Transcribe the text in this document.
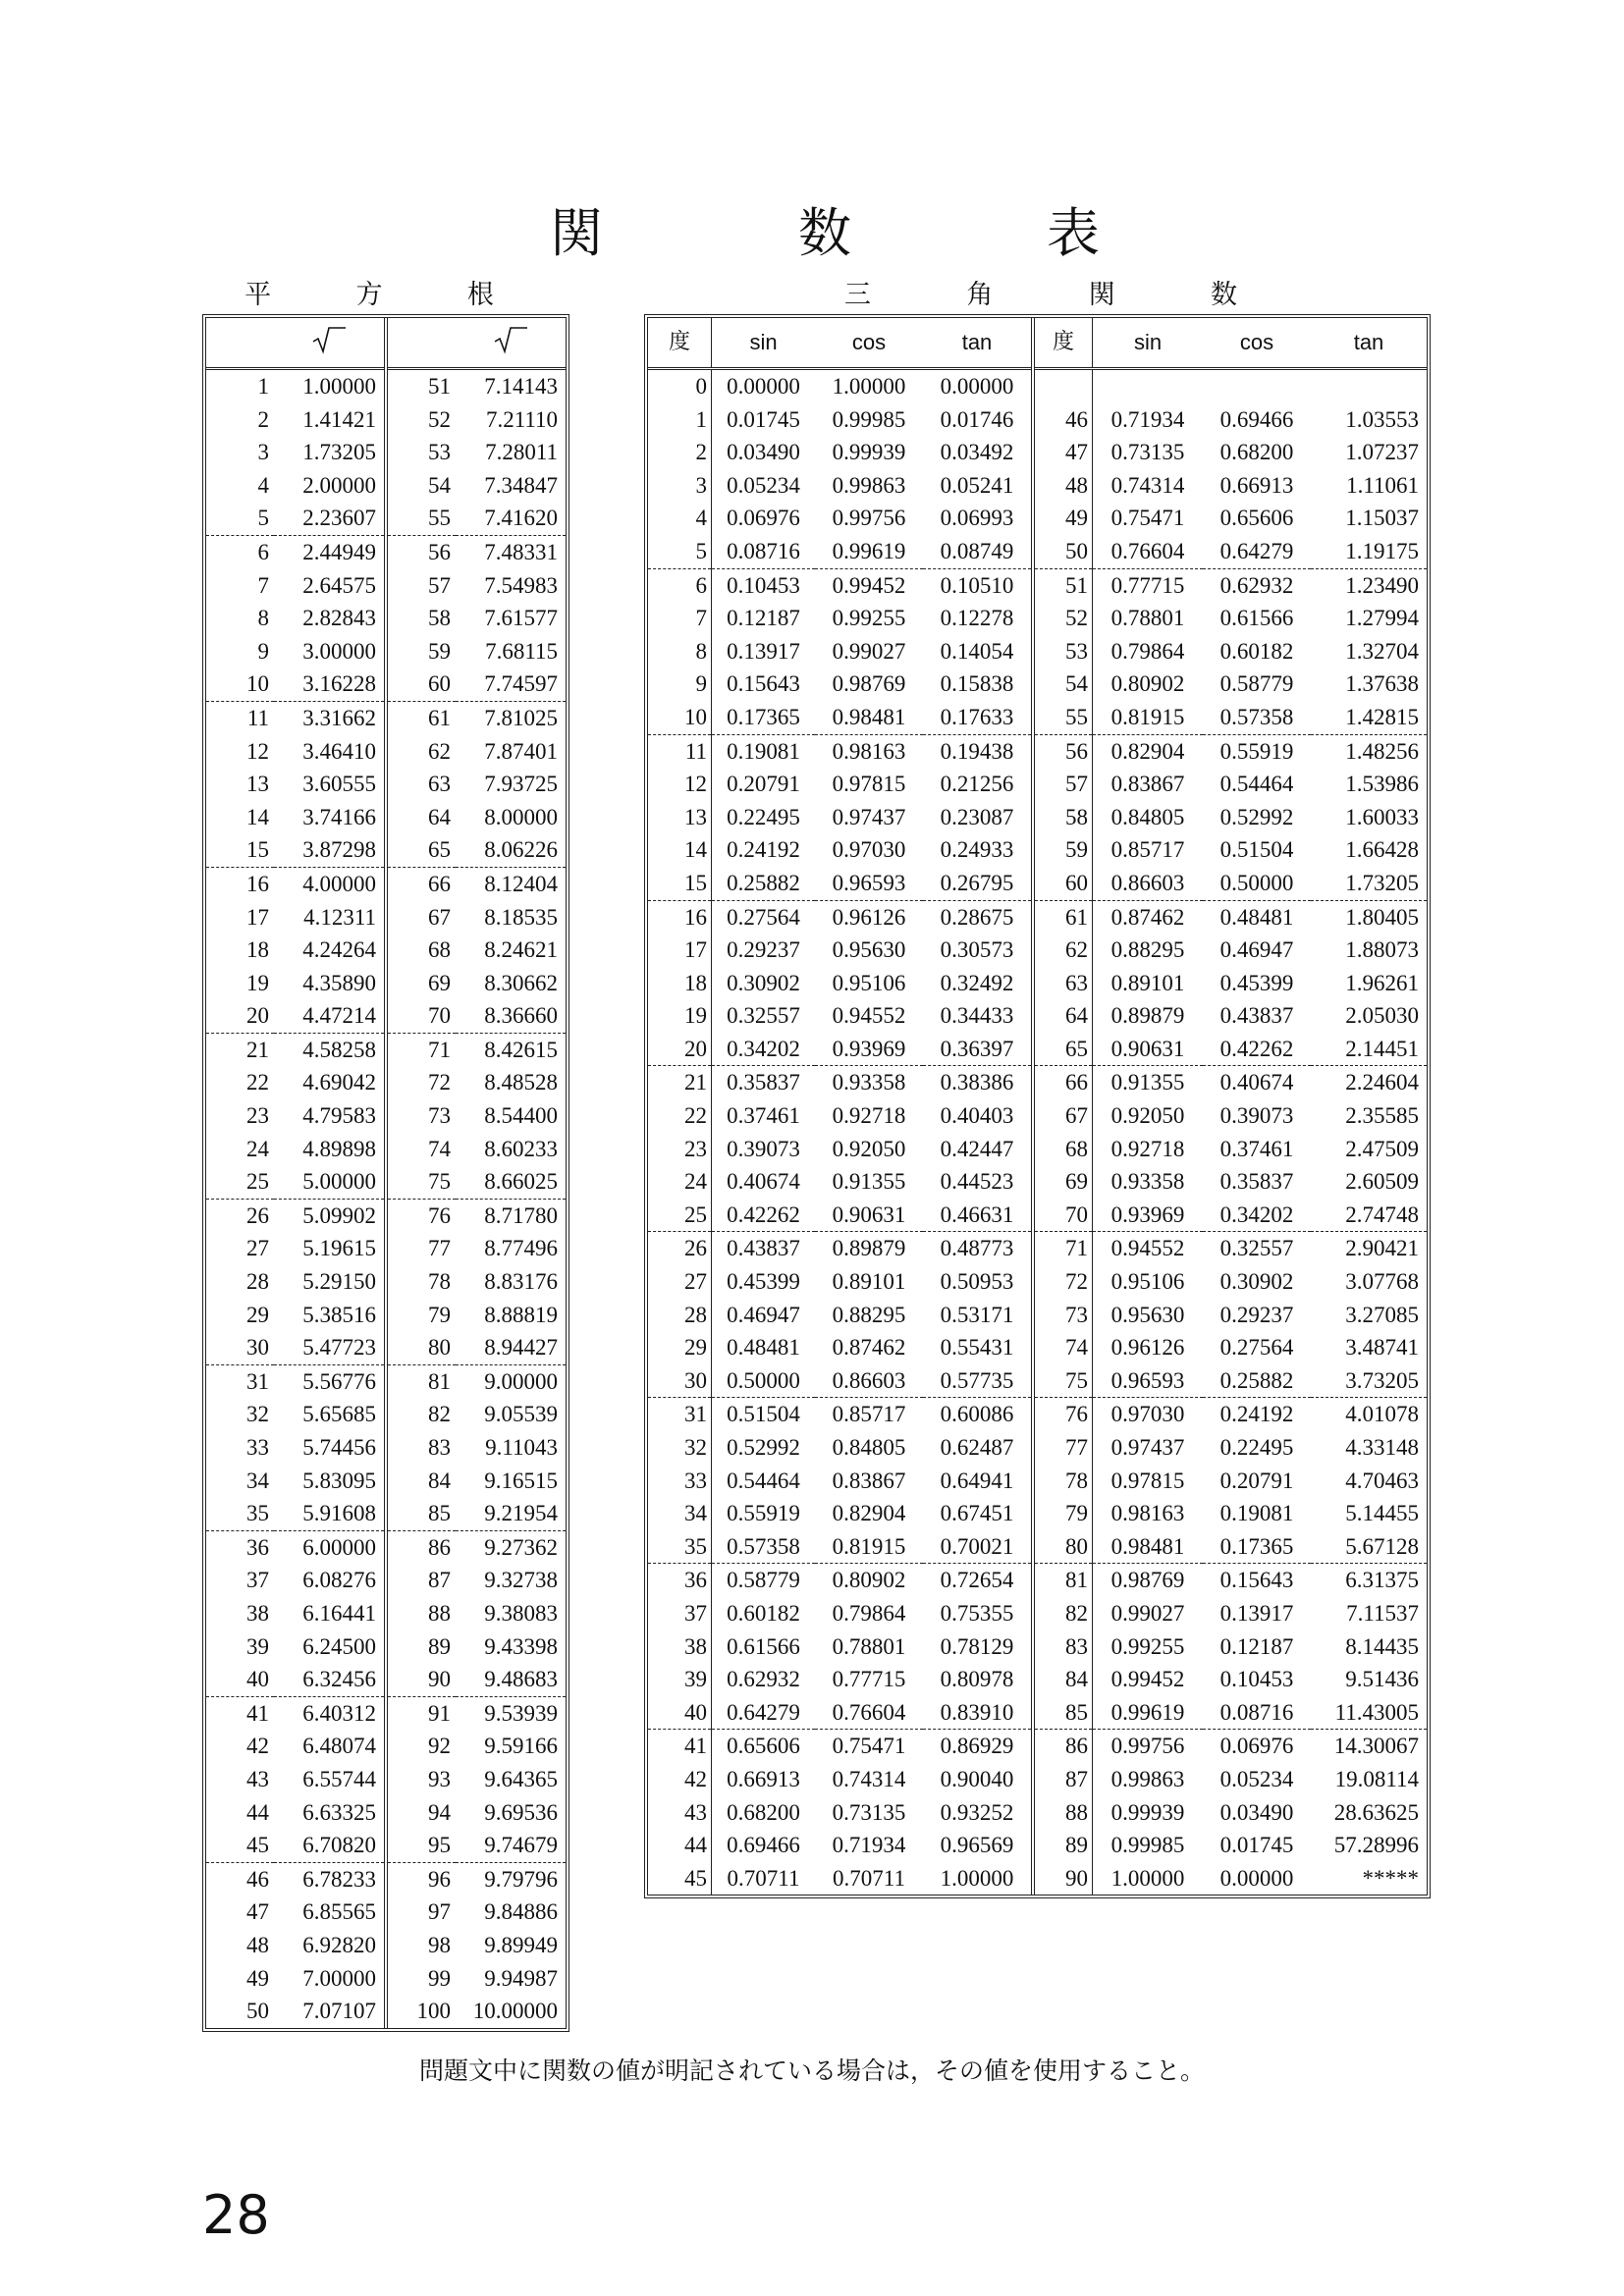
関	数	表
平	方	根	三	角	関	数

1	1.00000	51	7.14143
2	1.41421	52	7.21110
3	1.73205	53	7.28011
4	2.00000	54	7.34847
5	2.23607	55	7.41620
6	2.44949	56	7.48331
7	2.64575	57	7.54983
8	2.82843	58	7.61577
9	3.00000	59	7.68115
10	3.16228	60	7.74597
11	3.31662	61	7.81025
12	3.46410	62	7.87401
13	3.60555	63	7.93725
14	3.74166	64	8.00000
15	3.87298	65	8.06226
16	4.00000	66	8.12404
17	4.12311	67	8.18535
18	4.24264	68	8.24621
19	4.35890	69	8.30662
20	4.47214	70	8.36660
21	4.58258	71	8.42615
22	4.69042	72	8.48528
23	4.79583	73	8.54400
24	4.89898	74	8.60233
25	5.00000	75	8.66025
26	5.09902	76	8.71780
27	5.19615	77	8.77496
28	5.29150	78	8.83176
29	5.38516	79	8.88819
30	5.47723	80	8.94427
31	5.56776	81	9.00000
32	5.65685	82	9.05539
33	5.74456	83	9.11043
34	5.83095	84	9.16515
35	5.91608	85	9.21954
36	6.00000	86	9.27362
37	6.08276	87	9.32738
38	6.16441	88	9.38083
39	6.24500	89	9.43398
40	6.32456	90	9.48683
41	6.40312	91	9.53939
42	6.48074	92	9.59166
43	6.55744	93	9.64365
44	6.63325	94	9.69536
45	6.70820	95	9.74679
46	6.78233	96	9.79796
47	6.85565	97	9.84886
48	6.92820	98	9.89949
49	7.00000	99	9.94987
50	7.07107	100	10.00000
度	sin	cos	tan	度	sin	cos	tan
0	0.00000	1.00000	0.00000				
1	0.01745	0.99985	0.01746	46	0.71934	0.69466	1.03553
2	0.03490	0.99939	0.03492	47	0.73135	0.68200	1.07237
3	0.05234	0.99863	0.05241	48	0.74314	0.66913	1.11061
4	0.06976	0.99756	0.06993	49	0.75471	0.65606	1.15037
5	0.08716	0.99619	0.08749	50	0.76604	0.64279	1.19175
6	0.10453	0.99452	0.10510	51	0.77715	0.62932	1.23490
7	0.12187	0.99255	0.12278	52	0.78801	0.61566	1.27994
8	0.13917	0.99027	0.14054	53	0.79864	0.60182	1.32704
9	0.15643	0.98769	0.15838	54	0.80902	0.58779	1.37638
10	0.17365	0.98481	0.17633	55	0.81915	0.57358	1.42815
11	0.19081	0.98163	0.19438	56	0.82904	0.55919	1.48256
12	0.20791	0.97815	0.21256	57	0.83867	0.54464	1.53986
13	0.22495	0.97437	0.23087	58	0.84805	0.52992	1.60033
14	0.24192	0.97030	0.24933	59	0.85717	0.51504	1.66428
15	0.25882	0.96593	0.26795	60	0.86603	0.50000	1.73205
16	0.27564	0.96126	0.28675	61	0.87462	0.48481	1.80405
17	0.29237	0.95630	0.30573	62	0.88295	0.46947	1.88073
18	0.30902	0.95106	0.32492	63	0.89101	0.45399	1.96261
19	0.32557	0.94552	0.34433	64	0.89879	0.43837	2.05030
20	0.34202	0.93969	0.36397	65	0.90631	0.42262	2.14451
21	0.35837	0.93358	0.38386	66	0.91355	0.40674	2.24604
22	0.37461	0.92718	0.40403	67	0.92050	0.39073	2.35585
23	0.39073	0.92050	0.42447	68	0.92718	0.37461	2.47509
24	0.40674	0.91355	0.44523	69	0.93358	0.35837	2.60509
25	0.42262	0.90631	0.46631	70	0.93969	0.34202	2.74748
26	0.43837	0.89879	0.48773	71	0.94552	0.32557	2.90421
27	0.45399	0.89101	0.50953	72	0.95106	0.30902	3.07768
28	0.46947	0.88295	0.53171	73	0.95630	0.29237	3.27085
29	0.48481	0.87462	0.55431	74	0.96126	0.27564	3.48741
30	0.50000	0.86603	0.57735	75	0.96593	0.25882	3.73205
31	0.51504	0.85717	0.60086	76	0.97030	0.24192	4.01078
32	0.52992	0.84805	0.62487	77	0.97437	0.22495	4.33148
33	0.54464	0.83867	0.64941	78	0.97815	0.20791	4.70463
34	0.55919	0.82904	0.67451	79	0.98163	0.19081	5.14455
35	0.57358	0.81915	0.70021	80	0.98481	0.17365	5.67128
36	0.58779	0.80902	0.72654	81	0.98769	0.15643	6.31375
37	0.60182	0.79864	0.75355	82	0.99027	0.13917	7.11537
38	0.61566	0.78801	0.78129	83	0.99255	0.12187	8.14435
39	0.62932	0.77715	0.80978	84	0.99452	0.10453	9.51436
40	0.64279	0.76604	0.83910	85	0.99619	0.08716	11.43005
41	0.65606	0.75471	0.86929	86	0.99756	0.06976	14.30067
42	0.66913	0.74314	0.90040	87	0.99863	0.05234	19.08114
43	0.68200	0.73135	0.93252	88	0.99939	0.03490	28.63625
44	0.69466	0.71934	0.96569	89	0.99985	0.01745	57.28996
45	0.70711	0.70711	1.00000	90	1.00000	0.00000	*****
問題文中に関数の値が明記されている場合は，その値を使用すること。
28
